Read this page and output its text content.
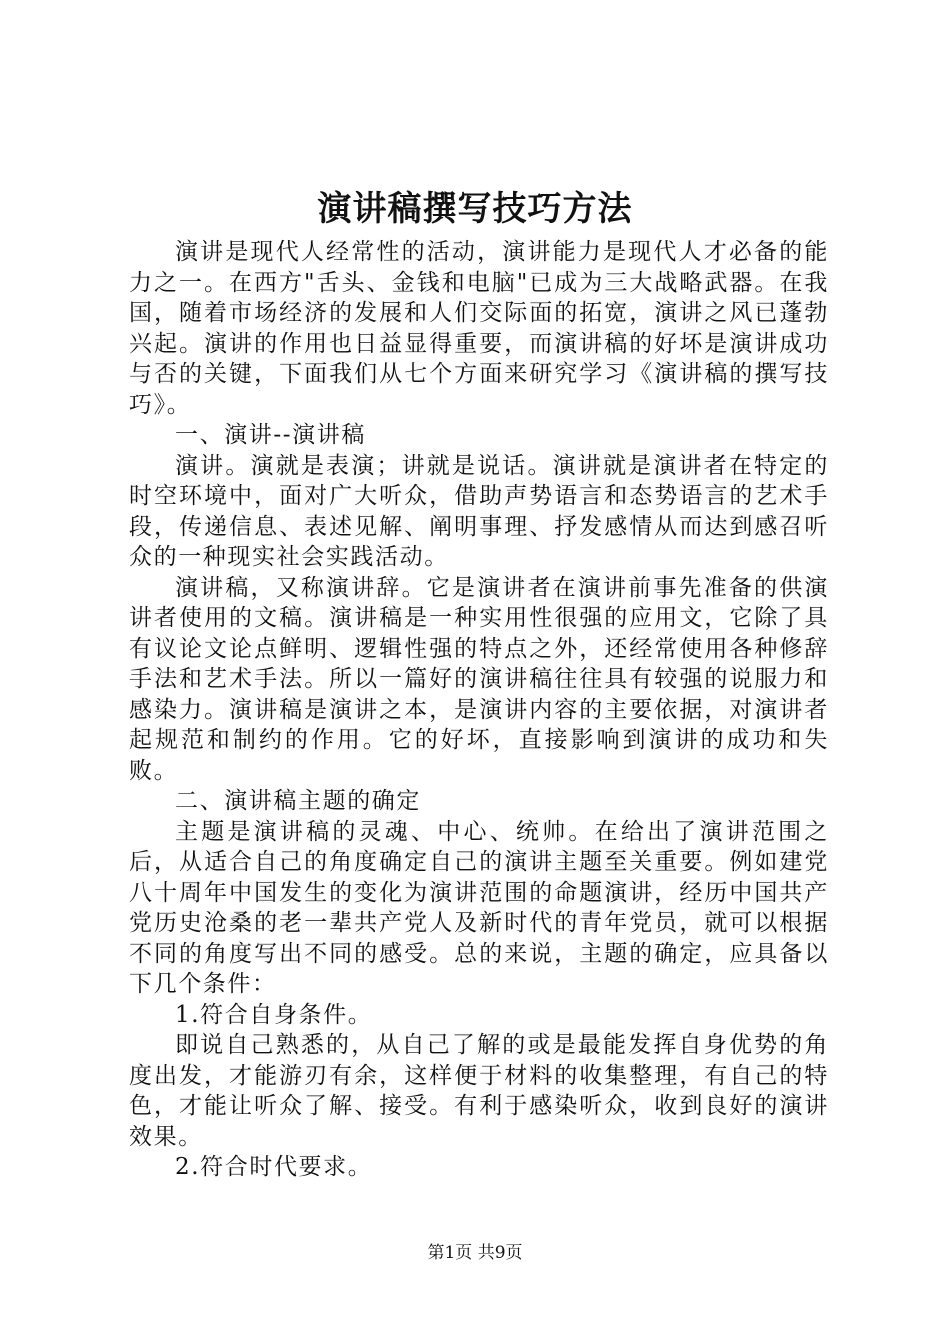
演讲稿撰写技巧方法

演讲是现代人经常性的活动，演讲能力是现代人才必备的能力之一。在西方"舌头、金钱和电脑"已成为三大战略武器。在我国，随着市场经济的发展和人们交际面的拓宽，演讲之风已蓬勃兴起。演讲的作用也日益显得重要，而演讲稿的好坏是演讲成功与否的关键，下面我们从七个方面来研究学习《演讲稿的撰写技巧》。

一、演讲--演讲稿

演讲。演就是表演；讲就是说话。演讲就是演讲者在特定的时空环境中，面对广大听众，借助声势语言和态势语言的艺术手段，传递信息、表述见解、阐明事理、抒发感情从而达到感召听众的一种现实社会实践活动。

演讲稿，又称演讲辞。它是演讲者在演讲前事先准备的供演讲者使用的文稿。演讲稿是一种实用性很强的应用文，它除了具有议论文论点鲜明、逻辑性强的特点之外，还经常使用各种修辞手法和艺术手法。所以一篇好的演讲稿往往具有较强的说服力和感染力。演讲稿是演讲之本，是演讲内容的主要依据，对演讲者起规范和制约的作用。它的好坏，直接影响到演讲的成功和失败。

二、演讲稿主题的确定

主题是演讲稿的灵魂、中心、统帅。在给出了演讲范围之后，从适合自己的角度确定自己的演讲主题至关重要。例如建党八十周年中国发生的变化为演讲范围的命题演讲，经历中国共产党历史沧桑的老一辈共产党人及新时代的青年党员，就可以根据不同的角度写出不同的感受。总的来说，主题的确定，应具备以下几个条件：

1.符合自身条件。

即说自己熟悉的，从自己了解的或是最能发挥自身优势的角度出发，才能游刃有余，这样便于材料的收集整理，有自己的特色，才能让听众了解、接受。有利于感染听众，收到良好的演讲效果。

2.符合时代要求。

第1页 共9页
